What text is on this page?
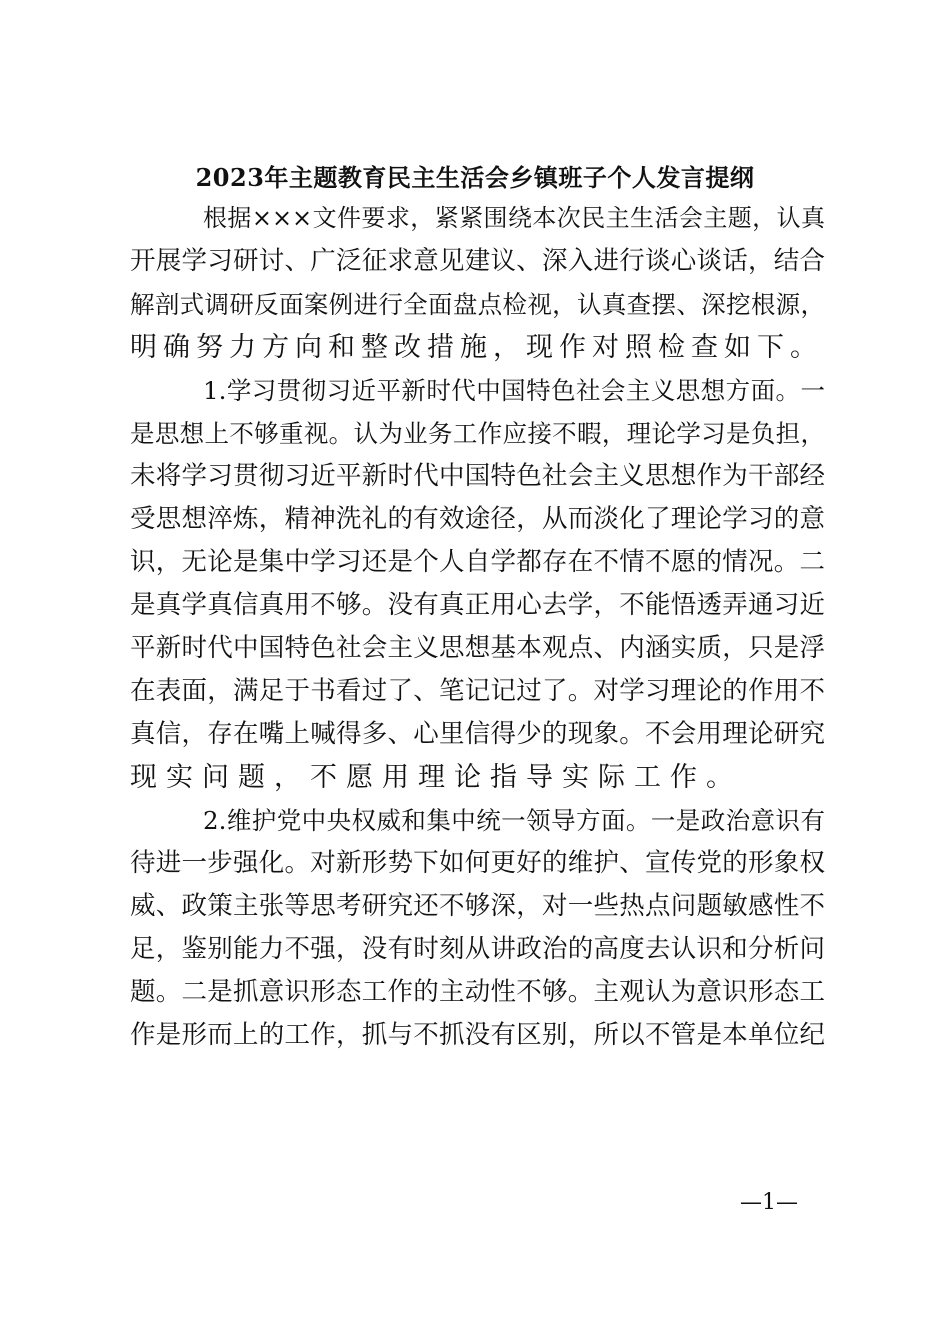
2023年主题教育民主生活会乡镇班子个人发言提纲
根据×××文件要求，紧紧围绕本次民主生活会主题，认真
开展学习研讨、广泛征求意见建议、深入进行谈心谈话，结合
解剖式调研反面案例进行全面盘点检视，认真查摆、深挖根源，
明确努力方向和整改措施，现作对照检查如下。
1.学习贯彻习近平新时代中国特色社会主义思想方面。一
是思想上不够重视。认为业务工作应接不暇，理论学习是负担，
未将学习贯彻习近平新时代中国特色社会主义思想作为干部经
受思想淬炼，精神洗礼的有效途径，从而淡化了理论学习的意
识，无论是集中学习还是个人自学都存在不情不愿的情况。二
是真学真信真用不够。没有真正用心去学，不能悟透弄通习近
平新时代中国特色社会主义思想基本观点、内涵实质，只是浮
在表面，满足于书看过了、笔记记过了。对学习理论的作用不
真信，存在嘴上喊得多、心里信得少的现象。不会用理论研究
现实问题，不愿用理论指导实际工作。
2.维护党中央权威和集中统一领导方面。一是政治意识有
待进一步强化。对新形势下如何更好的维护、宣传党的形象权
威、政策主张等思考研究还不够深，对一些热点问题敏感性不
足，鉴别能力不强，没有时刻从讲政治的高度去认识和分析问
题。二是抓意识形态工作的主动性不够。主观认为意识形态工
作是形而上的工作，抓与不抓没有区别，所以不管是本单位纪
—1—
